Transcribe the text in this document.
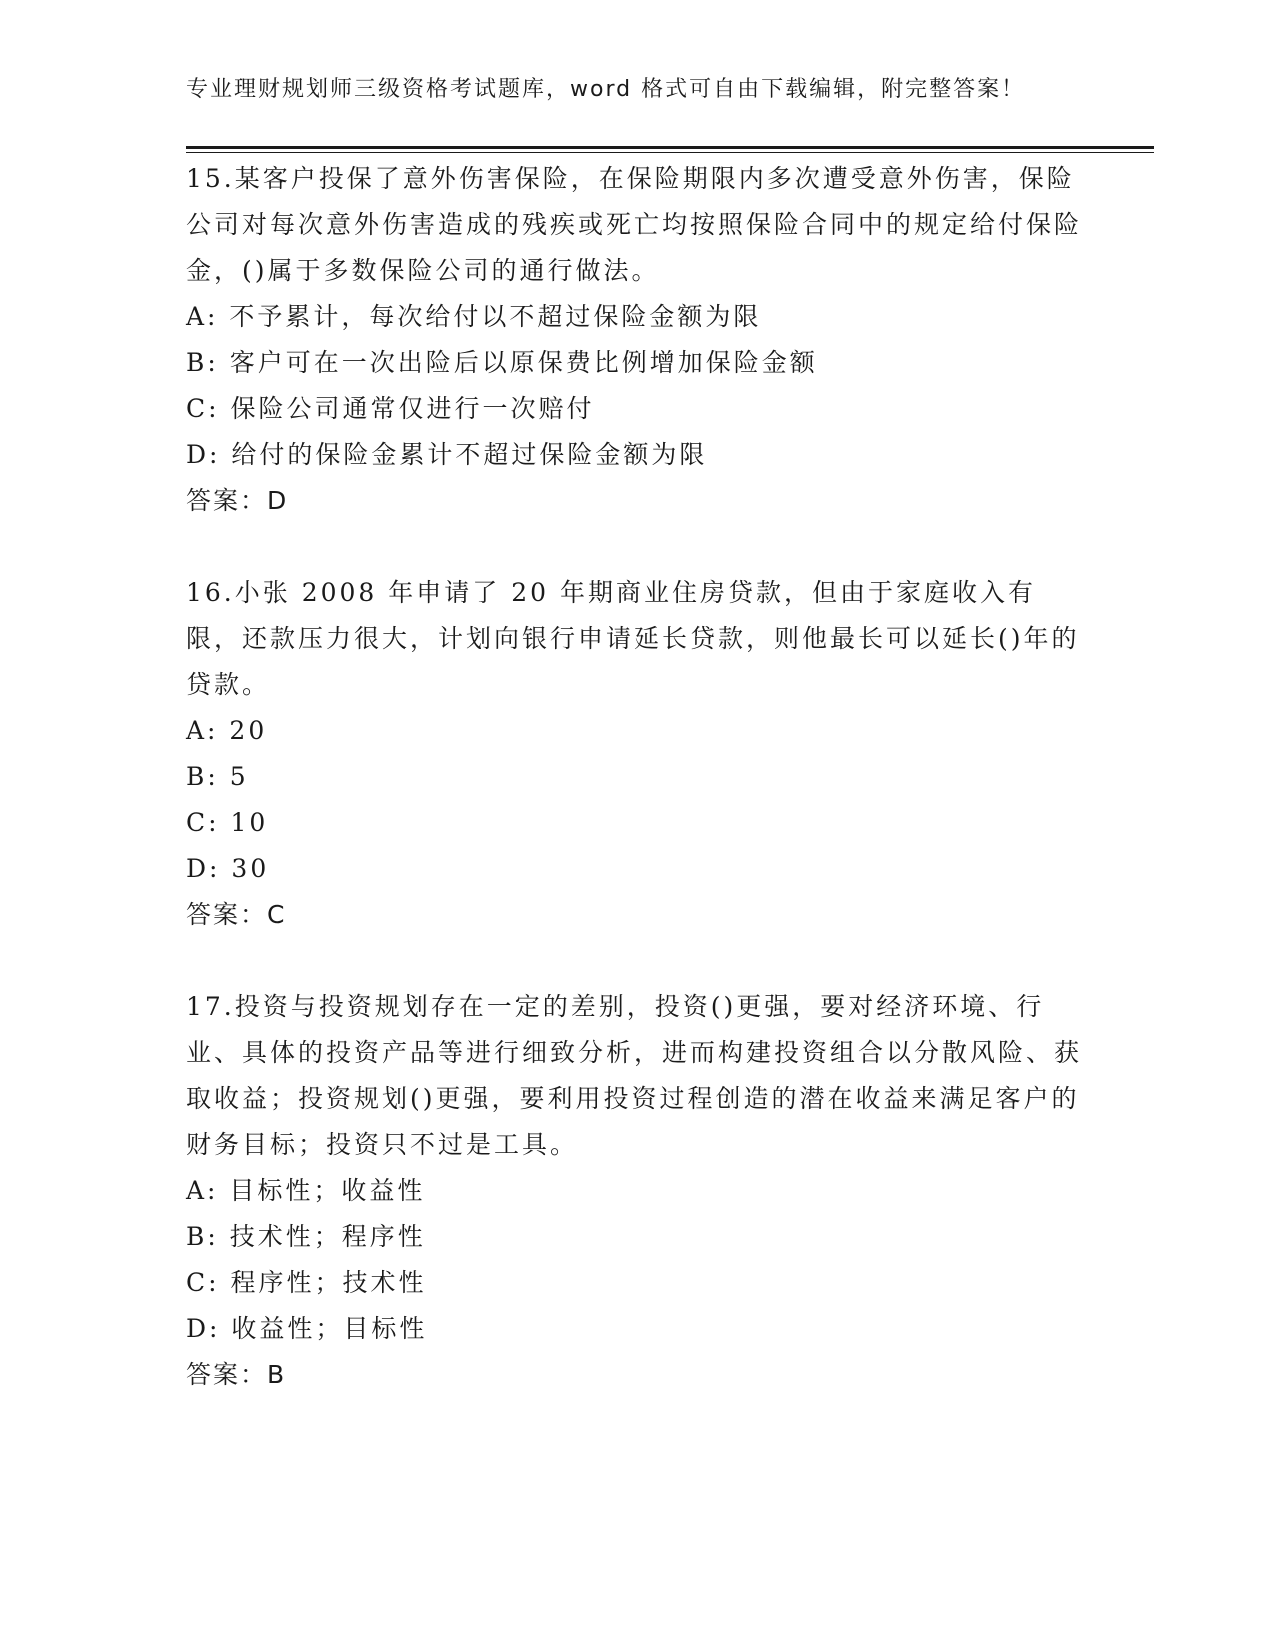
专业理财规划师三级资格考试题库，word 格式可自由下载编辑，附完整答案！

15.某客户投保了意外伤害保险，在保险期限内多次遭受意外伤害，保险公司对每次意外伤害造成的残疾或死亡均按照保险合同中的规定给付保险金，()属于多数保险公司的通行做法。

A: 不予累计，每次给付以不超过保险金额为限

B: 客户可在一次出险后以原保费比例增加保险金额

C: 保险公司通常仅进行一次赔付

D: 给付的保险金累计不超过保险金额为限

答案：D

16.小张 2008 年申请了 20 年期商业住房贷款，但由于家庭收入有限，还款压力很大，计划向银行申请延长贷款，则他最长可以延长()年的贷款。

A: 20

B: 5

C: 10

D: 30

答案：C

17.投资与投资规划存在一定的差别，投资()更强，要对经济环境、行业、具体的投资产品等进行细致分析，进而构建投资组合以分散风险、获取收益；投资规划()更强，要利用投资过程创造的潜在收益来满足客户的财务目标；投资只不过是工具。

A: 目标性；收益性

B: 技术性；程序性

C: 程序性；技术性

D: 收益性；目标性

答案：B
